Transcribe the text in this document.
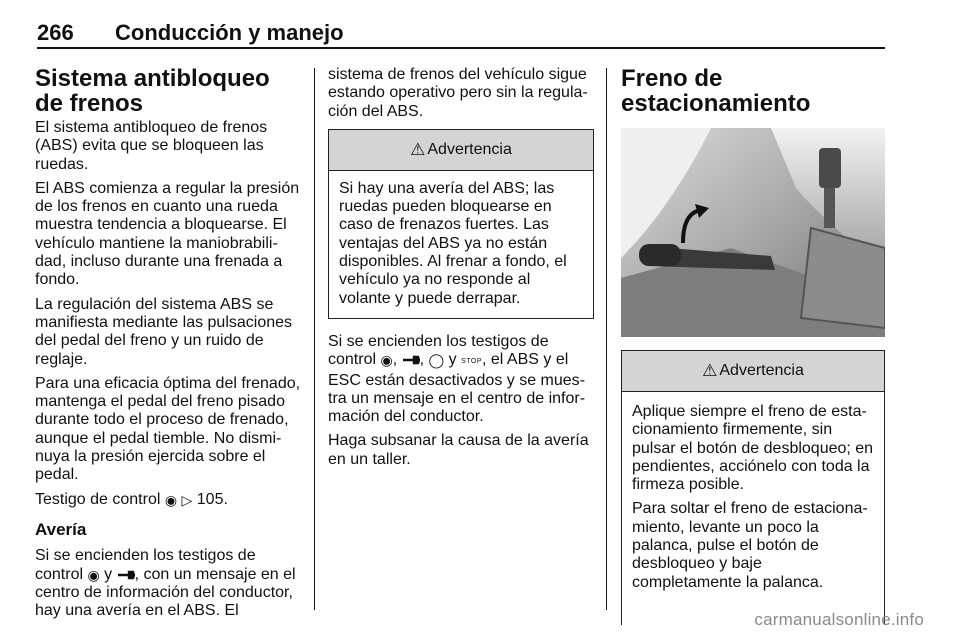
266 Conducción y manejo
Sistema antibloqueo de frenos

El sistema antibloqueo de frenos (ABS) evita que se bloqueen las ruedas.

El ABS comienza a regular la presión de los frenos en cuanto una rueda muestra tendencia a bloquearse. El vehículo mantiene la maniobrabilidad, incluso durante una frenada a fondo.

La regulación del sistema ABS se manifiesta mediante las pulsaciones del pedal del freno y un ruido de reglaje.

Para una eficacia óptima del frenado, mantenga el pedal del freno pisado durante todo el proceso de frenado, aunque el pedal tiemble. No disminuya la presión ejercida sobre el pedal.

Testigo de control ◉ ▷ 105.

Avería

Si se encienden los testigos de control ◉ y , con un mensaje en el centro de información del conductor, hay una avería en el ABS. El

sistema de frenos del vehículo sigue estando operativo pero sin la regulación del ABS.

⚠ Advertencia

Si hay una avería del ABS; las ruedas pueden bloquearse en caso de frenazos fuertes. Las ventajas del ABS ya no están disponibles. Al frenar a fondo, el vehículo ya no responde al volante y puede derrapar.

Si se encienden los testigos de control ◉, , ◯ y STOP, el ABS y el ESC están desactivados y se muestra un mensaje en el centro de información del conductor.

Haga subsanar la causa de la avería en un taller.

Freno de estacionamiento
⚠ Advertencia

Aplique siempre el freno de estacionamiento firmemente, sin pulsar el botón de desbloqueo; en pendientes, acciónelo con toda la firmeza posible.

Para soltar el freno de estacionamiento, levante un poco la palanca, pulse el botón de desbloqueo y baje completamente la palanca.

carmanualsonline.info
